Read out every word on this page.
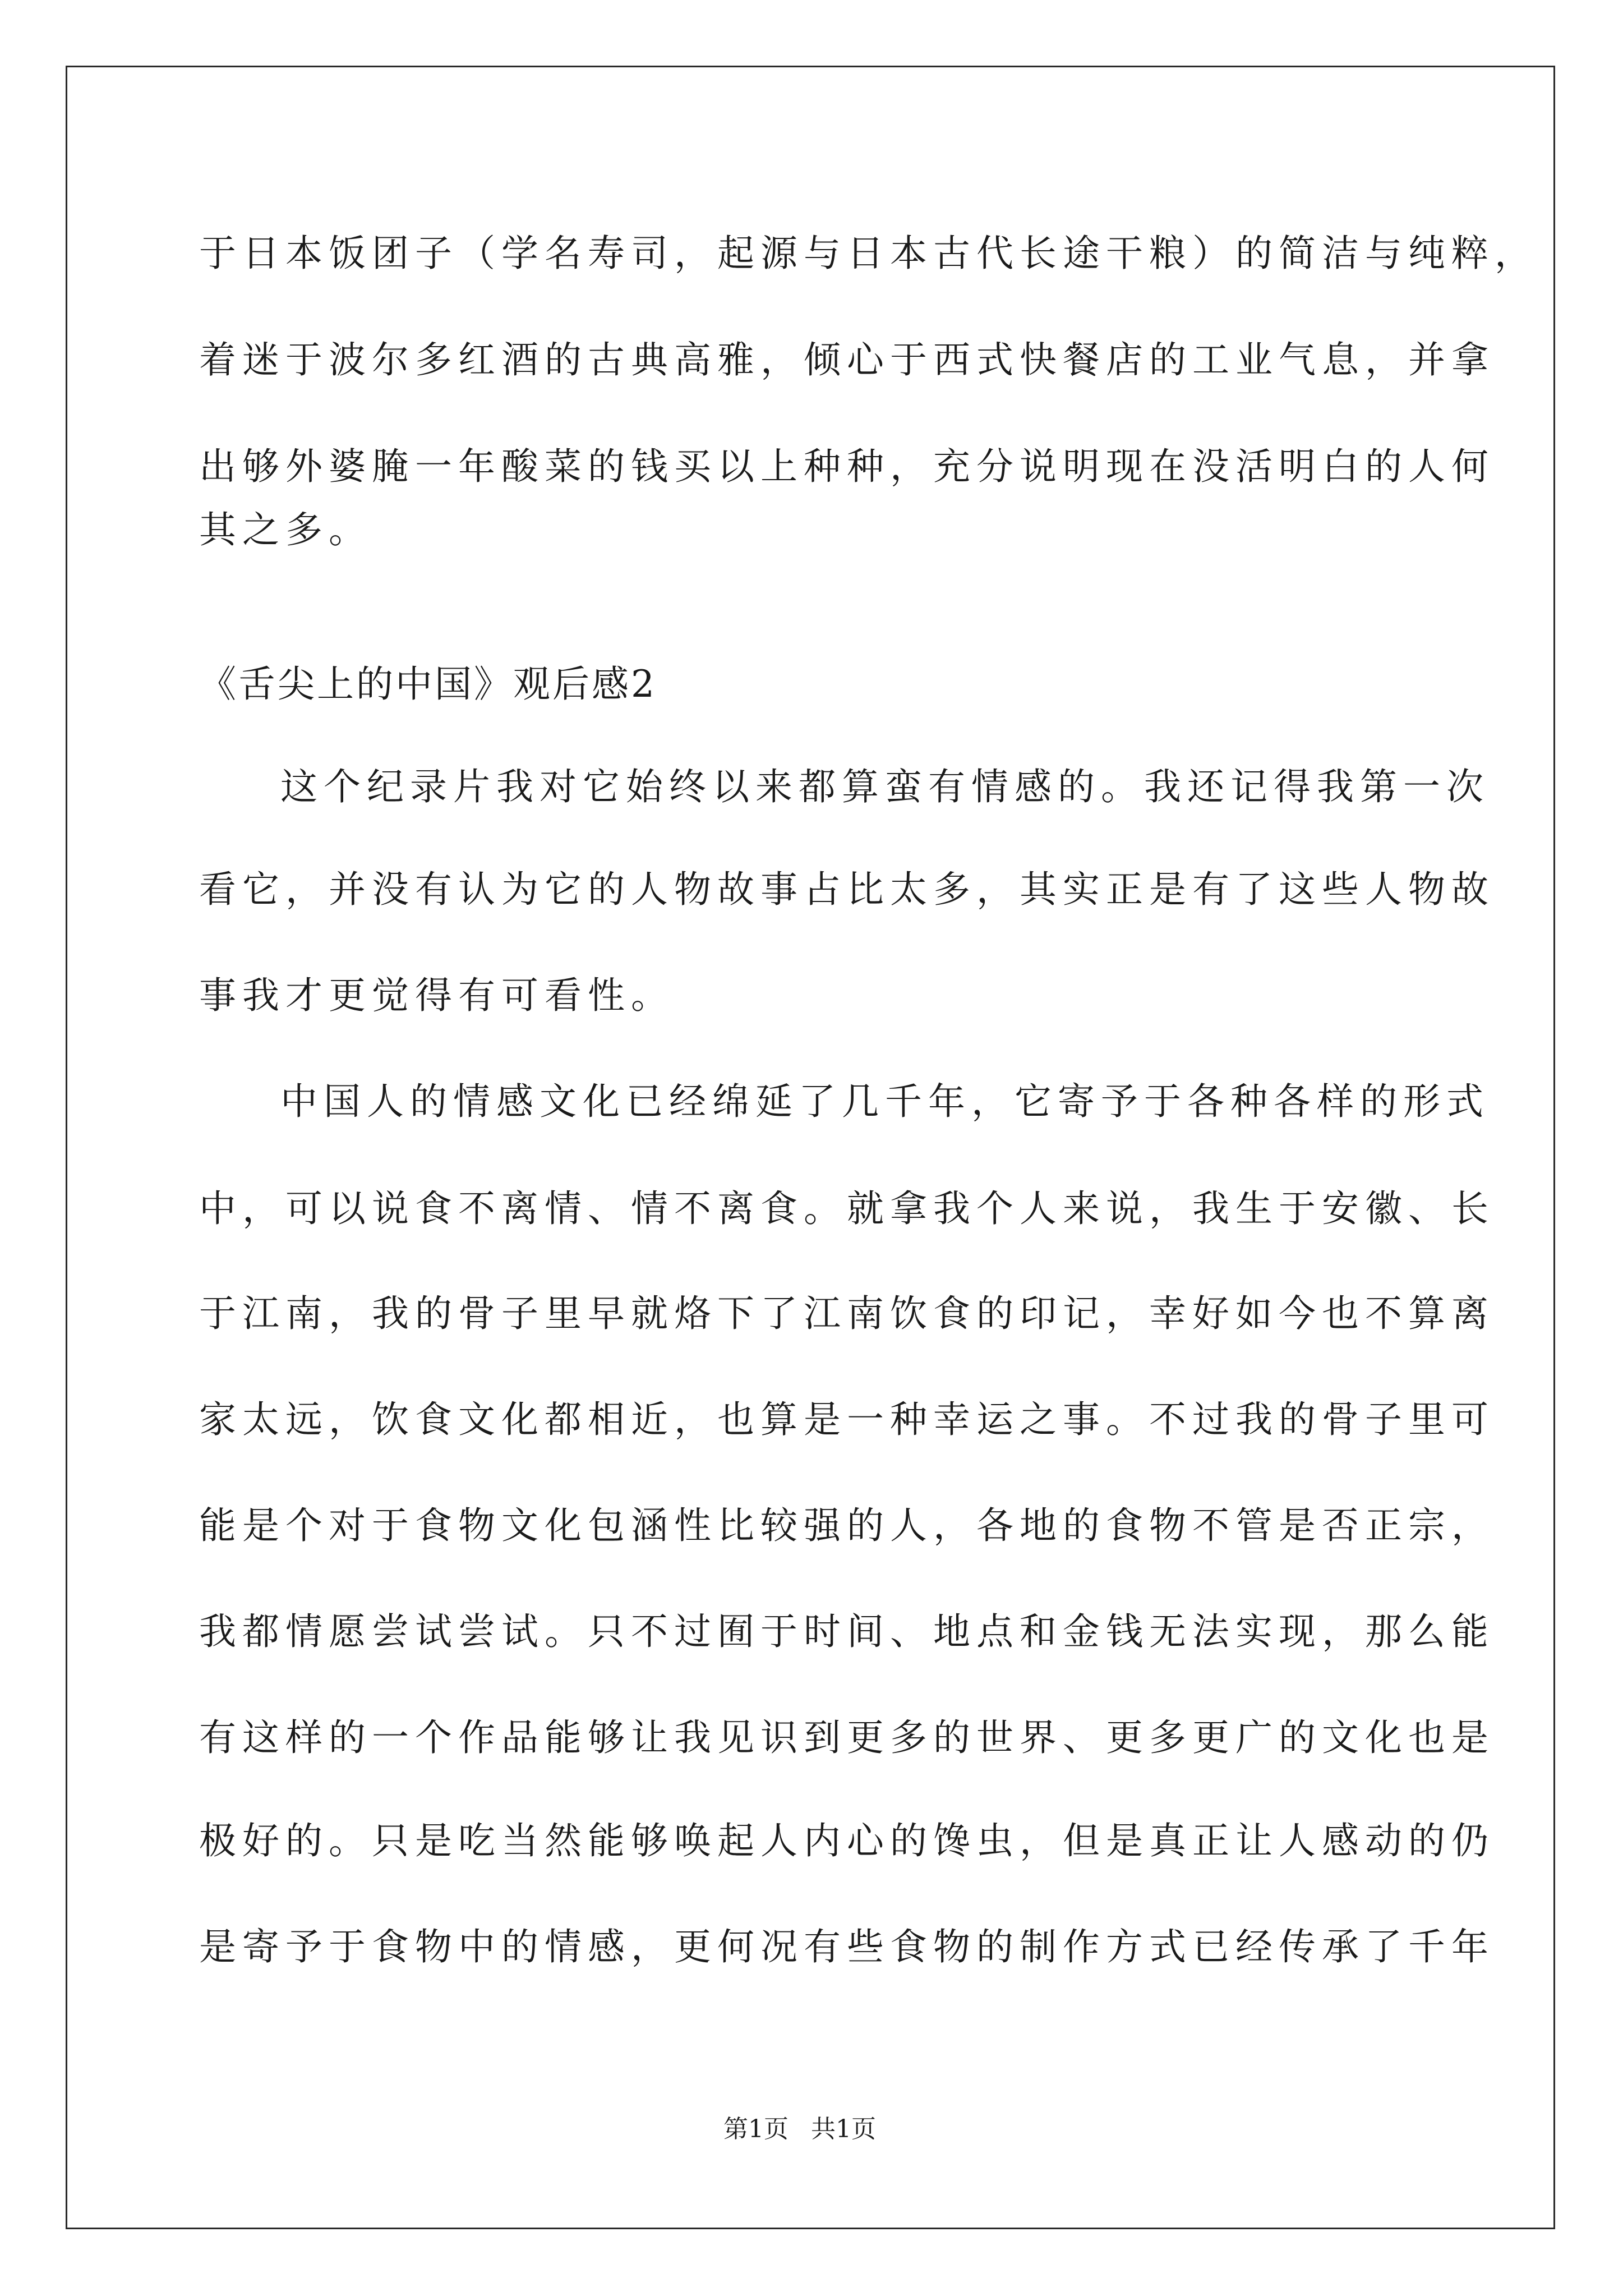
于日本饭团子（学名寿司，起源与日本古代长途干粮）的简洁与纯粹，
着迷于波尔多红酒的古典高雅，倾心于西式快餐店的工业气息，并拿
出够外婆腌一年酸菜的钱买以上种种，充分说明现在没活明白的人何
其之多。
《舌尖上的中国》观后感2
这个纪录片我对它始终以来都算蛮有情感的。我还记得我第一次
看它，并没有认为它的人物故事占比太多，其实正是有了这些人物故
事我才更觉得有可看性。
中国人的情感文化已经绵延了几千年，它寄予于各种各样的形式
中，可以说食不离情、情不离食。就拿我个人来说，我生于安徽、长
于江南，我的骨子里早就烙下了江南饮食的印记，幸好如今也不算离
家太远，饮食文化都相近，也算是一种幸运之事。不过我的骨子里可
能是个对于食物文化包涵性比较强的人，各地的食物不管是否正宗，
我都情愿尝试尝试。只不过囿于时间、地点和金钱无法实现，那么能
有这样的一个作品能够让我见识到更多的世界、更多更广的文化也是
极好的。只是吃当然能够唤起人内心的馋虫，但是真正让人感动的仍
是寄予于食物中的情感，更何况有些食物的制作方式已经传承了千年
第1页 共1页
